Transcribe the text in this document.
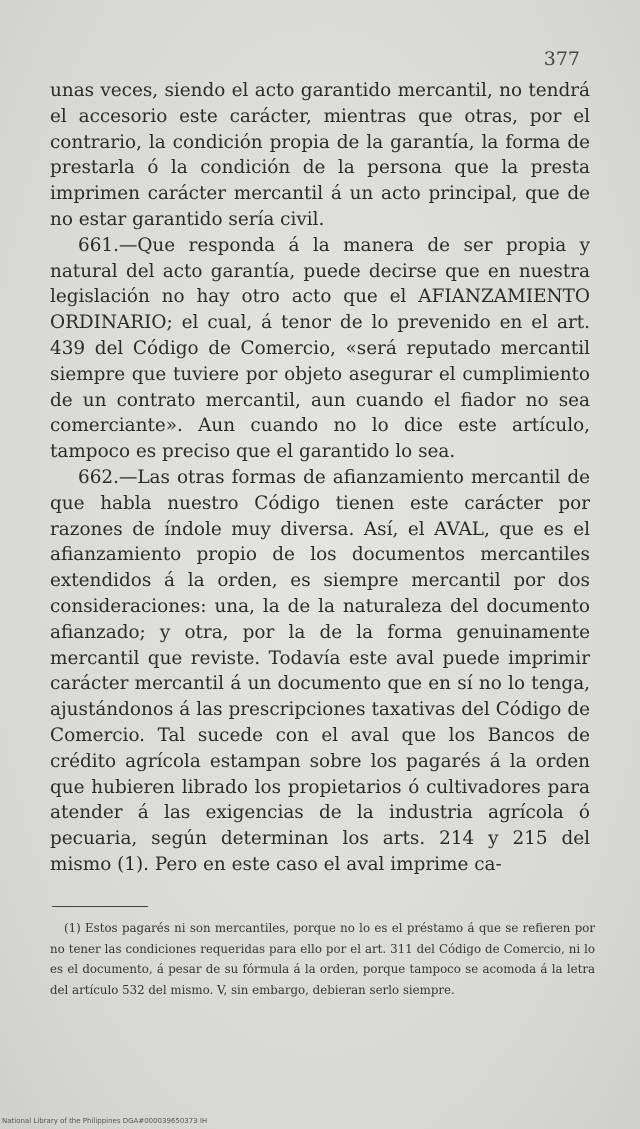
377

unas veces, siendo el acto garantido mercantil, no tendrá el accesorio este carácter, mientras que otras, por el contrario, la condición propia de la garantía, la forma de prestarla ó la condición de la persona que la presta imprimen carácter mercantil á un acto principal, que de no estar garantido sería civil.

661.—Que responda á la manera de ser propia y natural del acto garantía, puede decirse que en nuestra legislación no hay otro acto que el AFIANZAMIENTO ORDINARIO; el cual, á tenor de lo prevenido en el art. 439 del Código de Comercio, «será reputado mercantil siempre que tuviere por objeto asegurar el cumplimiento de un contrato mercantil, aun cuando el fiador no sea comerciante». Aun cuando no lo dice este artículo, tampoco es preciso que el garantido lo sea.

662.—Las otras formas de afianzamiento mercantil de que habla nuestro Código tienen este carácter por razones de índole muy diversa. Así, el AVAL, que es el afianzamiento propio de los documentos mercantiles extendidos á la orden, es siempre mercantil por dos consideraciones: una, la de la naturaleza del documento afianzado; y otra, por la de la forma genuinamente mercantil que reviste. Todavía este aval puede imprimir carácter mercantil á un documento que en sí no lo tenga, ajustándonos á las prescripciones taxativas del Código de Comercio. Tal sucede con el aval que los Bancos de crédito agrícola estampan sobre los pagarés á la orden que hubieren librado los propietarios ó cultivadores para atender á las exigencias de la industria agrícola ó pecuaria, según determinan los arts. 214 y 215 del mismo (1). Pero en este caso el aval imprime ca-

(1) Estos pagarés ni son mercantiles, porque no lo es el préstamo á que se refieren por no tener las condiciones requeridas para ello por el art. 311 del Código de Comercio, ni lo es el documento, á pesar de su fórmula á la orden, porque tampoco se acomoda á la letra del artículo 532 del mismo. V, sin embargo, debieran serlo siempre.

National Library of the Philippines DGA#000039650373 IH
